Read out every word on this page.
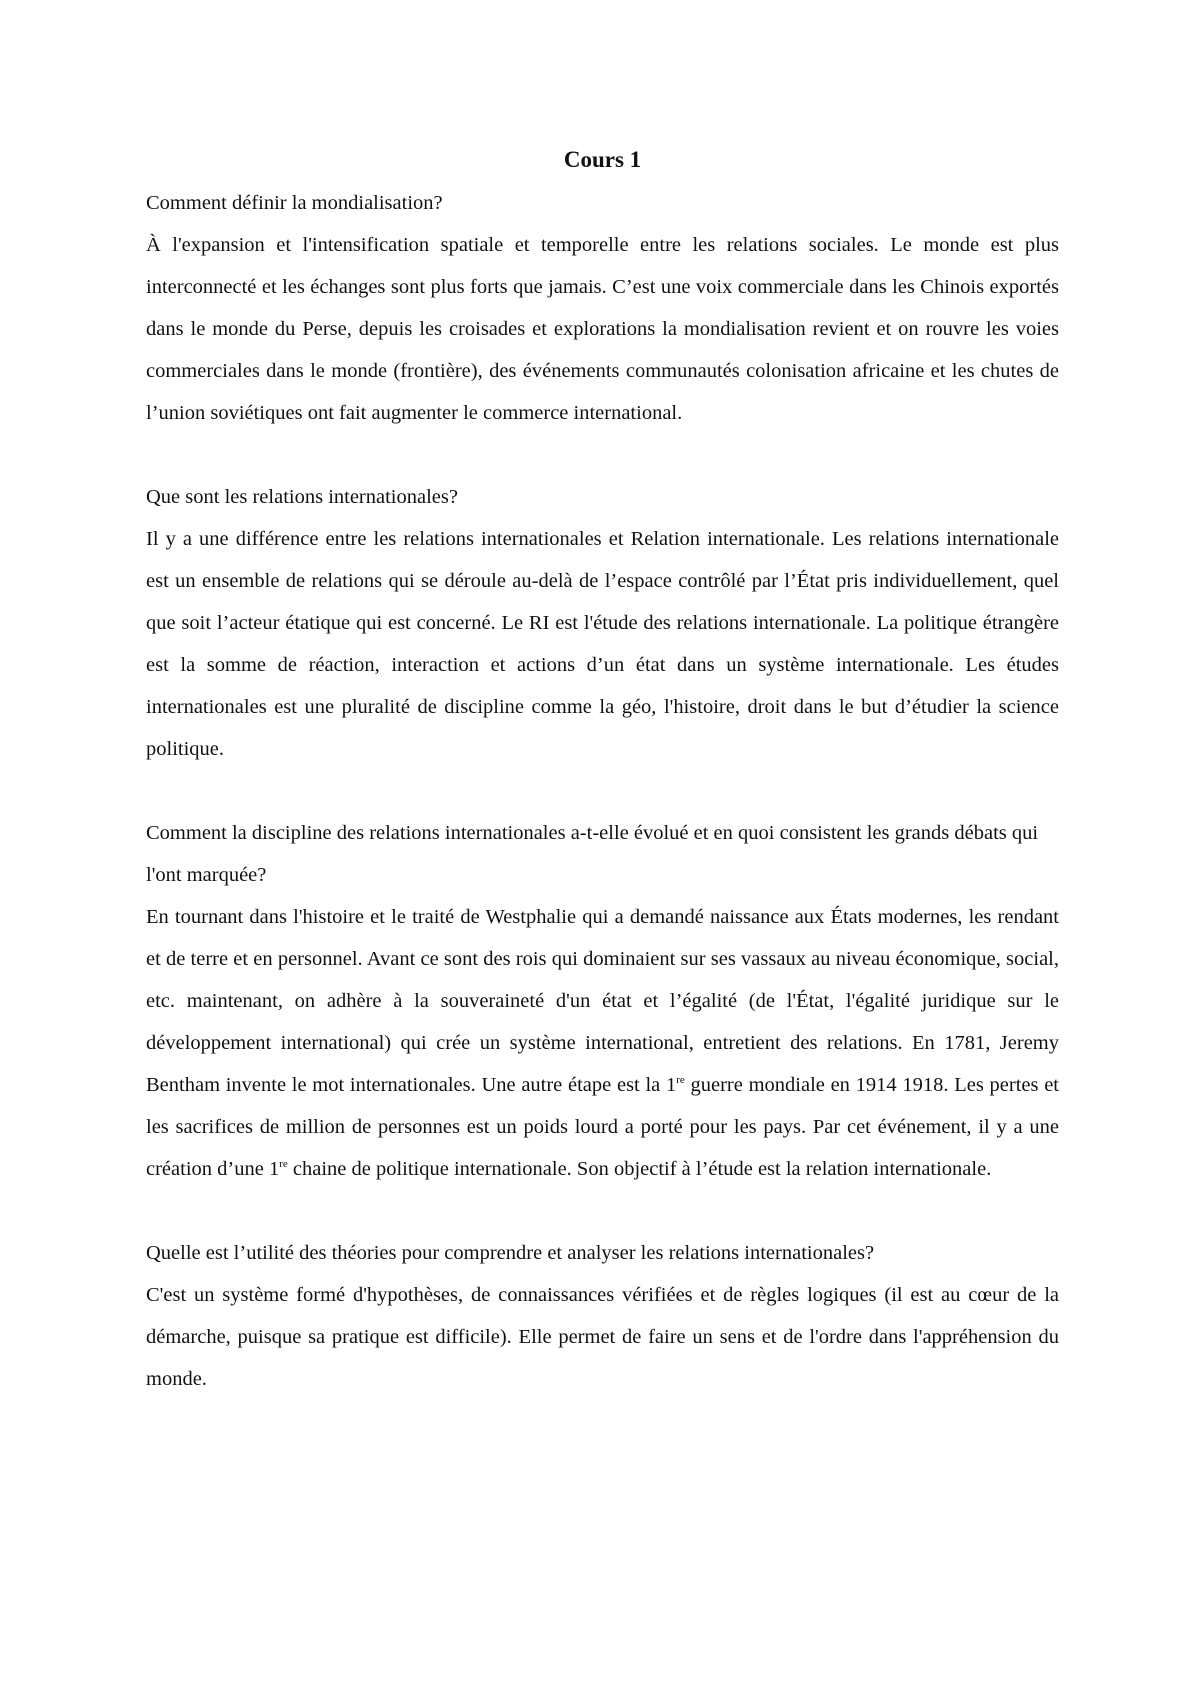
Cours 1

Comment définir la mondialisation?

À l'expansion et l'intensification spatiale et temporelle entre les relations sociales. Le monde est plus interconnecté et les échanges sont plus forts que jamais. C’est une voix commerciale dans les Chinois exportés dans le monde du Perse, depuis les croisades et explorations la mondialisation revient et on rouvre les voies commerciales dans le monde (frontière), des événements communautés colonisation africaine et les chutes de l’union soviétiques ont fait augmenter le commerce international.

Que sont les relations internationales?

Il y a une différence entre les relations internationales et Relation internationale. Les relations internationale est un ensemble de relations qui se déroule au-delà de l’espace contrôlé par l’État pris individuellement, quel que soit l’acteur étatique qui est concerné. Le RI est l'étude des relations internationale. La politique étrangère est la somme de réaction, interaction et actions d’un état dans un système internationale. Les études internationales est une pluralité de discipline comme la géo, l'histoire, droit dans le but d’étudier la science politique.

Comment la discipline des relations internationales a-t-elle évolué et en quoi consistent les grands débats qui l'ont marquée?

En tournant dans l'histoire et le traité de Westphalie qui a demandé naissance aux États modernes, les rendant et de terre et en personnel. Avant ce sont des rois qui dominaient sur ses vassaux au niveau économique, social, etc. maintenant, on adhère à la souveraineté d'un état et l’égalité (de l'État, l'égalité juridique sur le développement international) qui crée un système international, entretient des relations. En 1781, Jeremy Bentham invente le mot internationales. Une autre étape est la 1re guerre mondiale en 1914 1918. Les pertes et les sacrifices de million de personnes est un poids lourd a porté pour les pays. Par cet événement, il y a une création d’une 1re chaine de politique internationale. Son objectif à l’étude est la relation internationale.

Quelle est l’utilité des théories pour comprendre et analyser les relations internationales?

C'est un système formé d'hypothèses, de connaissances vérifiées et de règles logiques (il est au cœur de la démarche, puisque sa pratique est difficile). Elle permet de faire un sens et de l'ordre dans l'appréhension du monde.
